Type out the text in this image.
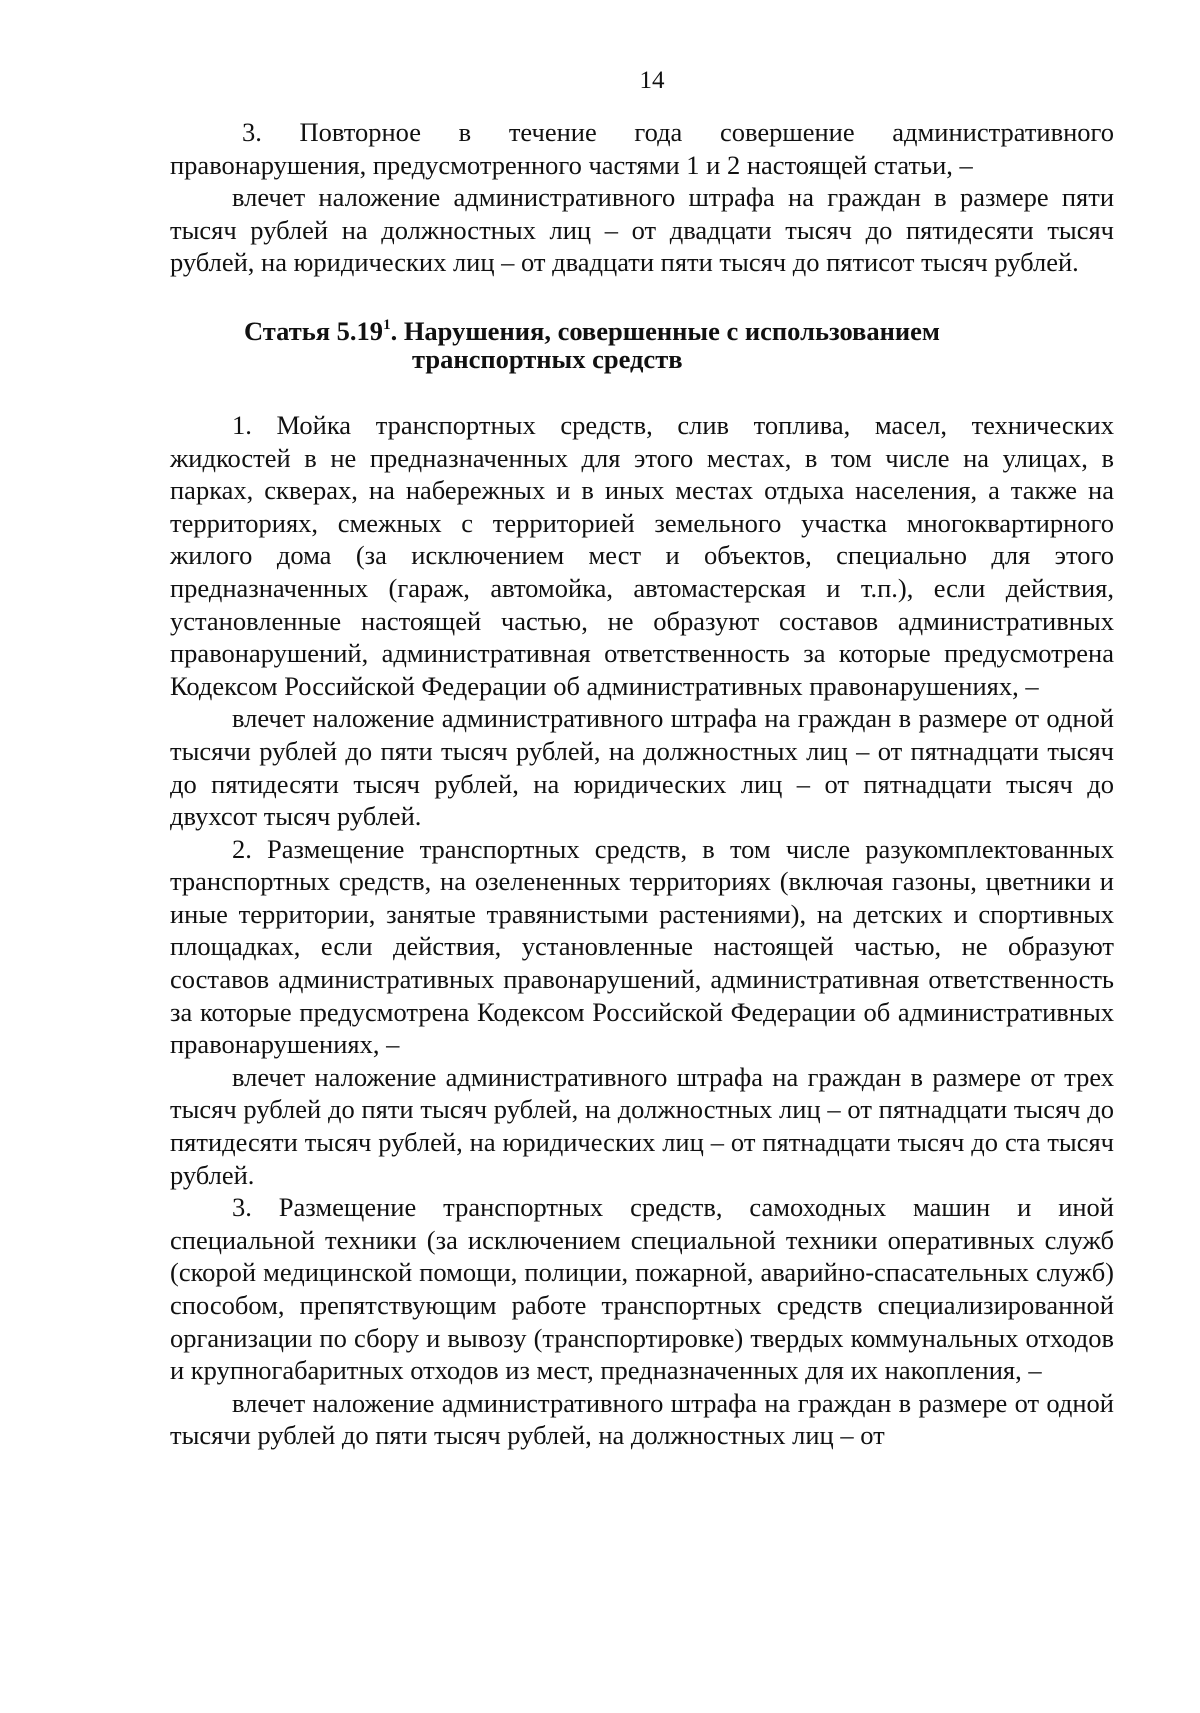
14

3. Повторное в течение года совершение административного правонарушения, предусмотренного частями 1 и 2 настоящей статьи, –

влечет наложение административного штрафа на граждан в размере пяти тысяч рублей на должностных лиц – от двадцати тысяч до пятидесяти тысяч рублей, на юридических лиц – от двадцати пяти тысяч до пятисот тысяч рублей.

Статья 5.19$^1$. Нарушения, совершенные с использованием
транспортных средств

1. Мойка транспортных средств, слив топлива, масел, технических жидкостей в не предназначенных для этого местах, в том числе на улицах, в парках, скверах, на набережных и в иных местах отдыха населения, а также на территориях, смежных с территорией земельного участка многоквартирного жилого дома (за исключением мест и объектов, специально для этого предназначенных (гараж, автомойка, автомастерская и т.п.), если действия, установленные настоящей частью, не образуют составов административных правонарушений, административная ответственность за которые предусмотрена Кодексом Российской Федерации об административных правонарушениях, –

влечет наложение административного штрафа на граждан в размере от одной тысячи рублей до пяти тысяч рублей, на должностных лиц – от пятнадцати тысяч до пятидесяти тысяч рублей, на юридических лиц – от пятнадцати тысяч до двухсот тысяч рублей.

2. Размещение транспортных средств, в том числе разукомплектованных транспортных средств, на озелененных территориях (включая газоны, цветники и иные территории, занятые травянистыми растениями), на детских и спортивных площадках, если действия, установленные настоящей частью, не образуют составов административных правонарушений, административная ответственность за которые предусмотрена Кодексом Российской Федерации об административных правонарушениях, –

влечет наложение административного штрафа на граждан в размере от трех тысяч рублей до пяти тысяч рублей, на должностных лиц – от пятнадцати тысяч до пятидесяти тысяч рублей, на юридических лиц – от пятнадцати тысяч до ста тысяч рублей.

3. Размещение транспортных средств, самоходных машин и иной специальной техники (за исключением специальной техники оперативных служб (скорой медицинской помощи, полиции, пожарной, аварийно-спасательных служб) способом, препятствующим работе транспортных средств специализированной организации по сбору и вывозу (транспортировке) твердых коммунальных отходов и крупногабаритных отходов из мест, предназначенных для их накопления, –

влечет наложение административного штрафа на граждан в размере от одной тысячи рублей до пяти тысяч рублей, на должностных лиц – от
